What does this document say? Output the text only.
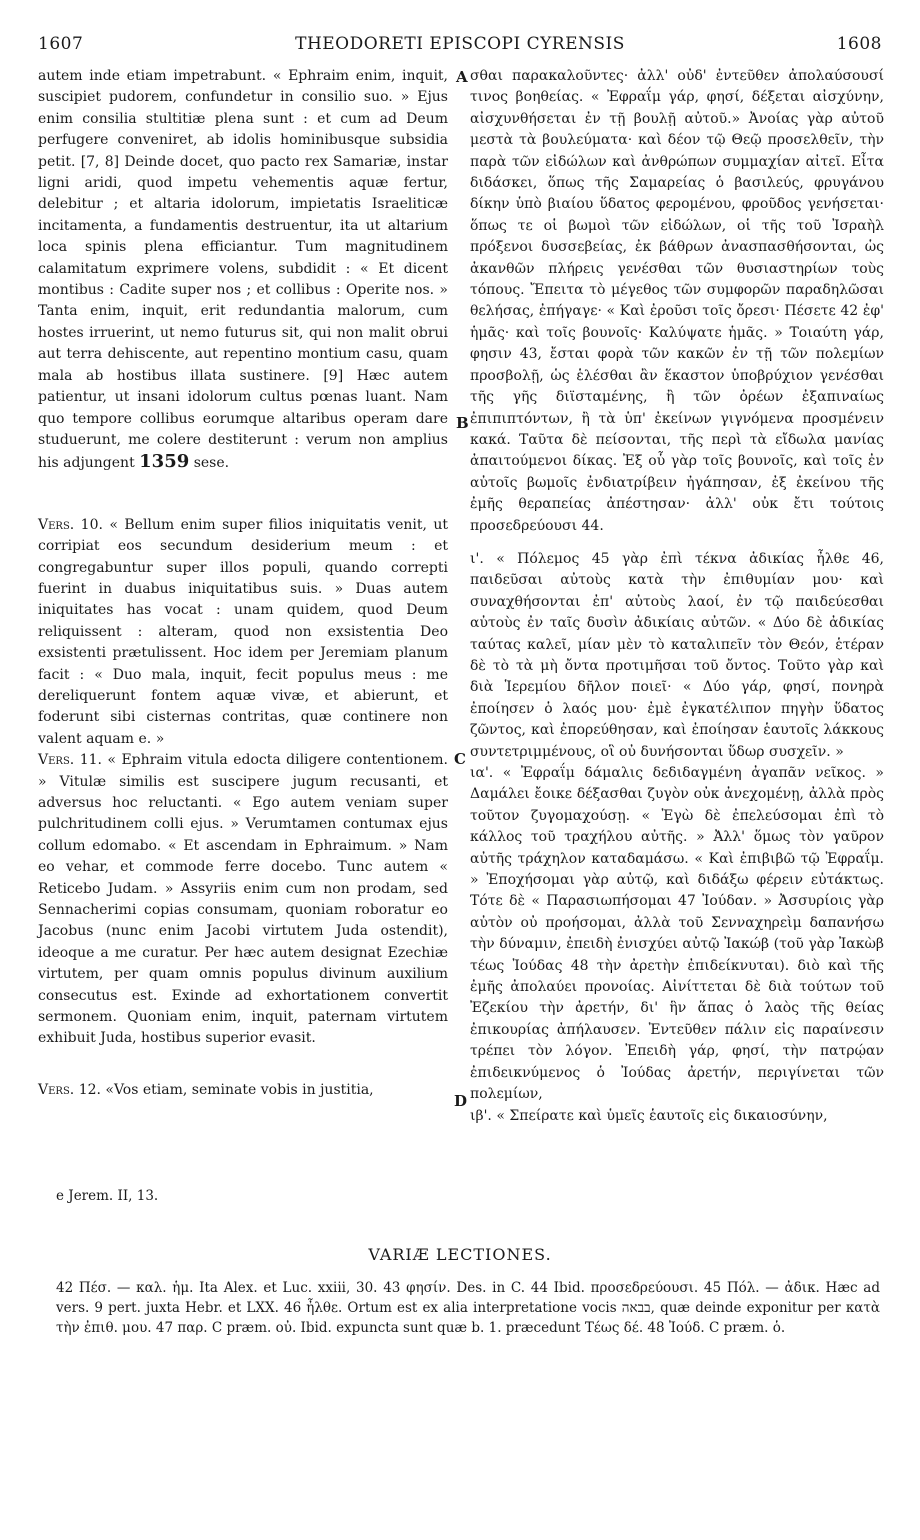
1607	THEODORETI EPISCOPI CYRENSIS	1608
A
B
C
D

autem inde etiam impetrabunt. « Ephraim enim, inquit, suscipiet pudorem, confundetur in consilio suo. » Ejus enim consilia stultitiæ plena sunt : et cum ad Deum perfugere conveniret, ab idolis hominibusque subsidia petit. [7, 8] Deinde docet, quo pacto rex Samariæ, instar ligni aridi, quod impetu vehementis aquæ fertur, delebitur ; et altaria idolorum, impietatis Israeliticæ incitamenta, a fundamentis destruentur, ita ut altarium loca spinis plena efficiantur. Tum magnitudinem calamitatum exprimere volens, subdidit : « Et dicent montibus : Cadite super nos ; et collibus : Operite nos. » Tanta enim, inquit, erit redundantia malorum, cum hostes irruerint, ut nemo futurus sit, qui non malit obrui aut terra dehiscente, aut repentino montium casu, quam mala ab hostibus illata sustinere. [9] Hæc autem patientur, ut insani idolorum cultus pœnas luant. Nam quo tempore collibus eorumque altaribus operam dare studuerunt, me colere destiterunt : verum non amplius his adjungent 1359 sese.

Vers. 10. « Bellum enim super filios iniquitatis venit, ut corripiat eos secundum desiderium meum : et congregabuntur super illos populi, quando correpti fuerint in duabus iniquitatibus suis. » Duas autem iniquitates has vocat : unam quidem, quod Deum reliquissent : alteram, quod non exsistentia Deo exsistenti prætulissent. Hoc idem per Jeremiam planum facit : « Duo mala, inquit, fecit populus meus : me dereliquerunt fontem aquæ vivæ, et abierunt, et foderunt sibi cisternas contritas, quæ continere non valent aquam e. »

Vers. 11. « Ephraim vitula edocta diligere contentionem. » Vitulæ similis est suscipere jugum recusanti, et adversus hoc reluctanti. « Ego autem veniam super pulchritudinem colli ejus. » Verumtamen contumax ejus collum edomabo. « Et ascendam in Ephraimum. » Nam eo vehar, et commode ferre docebo. Tunc autem « Reticebo Judam. » Assyriis enim cum non prodam, sed Sennacherimi copias consumam, quoniam roboratur eo Jacobus (nunc enim Jacobi virtutem Juda ostendit), ideoque a me curatur. Per hæc autem designat Ezechiæ virtutem, per quam omnis populus divinum auxilium consecutus est. Exinde ad exhortationem convertit sermonem. Quoniam enim, inquit, paternam virtutem exhibuit Juda, hostibus superior evasit.

Vers. 12. «Vos etiam, seminate vobis in justitia,

σθαι παρακαλοῦντες· ἀλλ' οὐδ' ἐντεῦθεν ἀπολαύσουσί τινος βοηθείας. « Ἐφραΐμ γάρ, φησί, δέξεται αἰσχύνην, αἰσχυνθήσεται ἐν τῇ βουλῇ αὐτοῦ.» Ἀνοίας γὰρ αὐτοῦ μεστὰ τὰ βουλεύματα· καὶ δέον τῷ Θεῷ προσελθεῖν, τὴν παρὰ τῶν εἰδώλων καὶ ἀνθρώπων συμμαχίαν αἰτεῖ. Εἶτα διδάσκει, ὅπως τῆς Σαμαρείας ὁ βασιλεύς, φρυγάνου δίκην ὑπὸ βιαίου ὕδατος φερομένου, φροῦδος γενήσεται· ὅπως τε οἱ βωμοὶ τῶν εἰδώλων, οἱ τῆς τοῦ Ἰσραὴλ πρόξενοι δυσσεβείας, ἐκ βάθρων ἀνασπασθήσονται, ὡς ἀκανθῶν πλήρεις γενέσθαι τῶν θυσιαστηρίων τοὺς τόπους. Ἔπειτα τὸ μέγεθος τῶν συμφορῶν παραδηλῶσαι θελήσας, ἐπήγαγε· « Καὶ ἐροῦσι τοῖς ὄρεσι· Πέσετε 42 ἐφ' ἡμᾶς· καὶ τοῖς βουνοῖς· Καλύψατε ἡμᾶς. » Τοιαύτη γάρ, φησιν 43, ἔσται φορὰ τῶν κακῶν ἐν τῇ τῶν πολεμίων προσβολῇ, ὡς ἑλέσθαι ἂν ἕκαστον ὑποβρύχιον γενέσθαι τῆς γῆς διϊσταμένης, ἢ τῶν ὀρέων ἐξαπιναίως ἐπιπιπτόντων, ἢ τὰ ὑπ' ἐκείνων γιγνόμενα προσμένειν κακά. Ταῦτα δὲ πείσονται, τῆς περὶ τὰ εἴδωλα μανίας ἀπαιτούμενοι δίκας. Ἐξ οὗ γὰρ τοῖς βουνοῖς, καὶ τοῖς ἐν αὐτοῖς βωμοῖς ἐνδιατρίβειν ἠγάπησαν, ἐξ ἐκείνου τῆς ἐμῆς θεραπείας ἀπέστησαν· ἀλλ' οὐκ ἔτι τούτοις προσεδρεύουσι 44.

ι'. « Πόλεμος 45 γὰρ ἐπὶ τέκνα ἀδικίας ἦλθε 46, παιδεῦσαι αὐτοὺς κατὰ τὴν ἐπιθυμίαν μου· καὶ συναχθήσονται ἐπ' αὐτοὺς λαοί, ἐν τῷ παιδεύεσθαι αὐτοὺς ἐν ταῖς δυσὶν ἀδικίαις αὐτῶν. « Δύο δὲ ἀδικίας ταύτας καλεῖ, μίαν μὲν τὸ καταλιπεῖν τὸν Θεόν, ἑτέραν δὲ τὸ τὰ μὴ ὄντα προτιμῆσαι τοῦ ὄντος. Τοῦτο γὰρ καὶ διὰ Ἱερεμίου δῆλον ποιεῖ· « Δύο γάρ, φησί, πονηρὰ ἐποίησεν ὁ λαός μου· ἐμὲ ἐγκατέλιπον πηγὴν ὕδατος ζῶντος, καὶ ἐπορεύθησαν, καὶ ἐποίησαν ἑαυτοῖς λάκκους συντετριμμένους, οἳ οὐ δυνήσονται ὕδωρ συσχεῖν. »

ια'. « Ἐφραΐμ δάμαλις δεδιδαγμένη ἀγαπᾶν νεῖκος. » Δαμάλει ἔοικε δέξασθαι ζυγὸν οὐκ ἀνεχομένῃ, ἀλλὰ πρὸς τοῦτον ζυγομαχούσῃ. « Ἐγὼ δὲ ἐπελεύσομαι ἐπὶ τὸ κάλλος τοῦ τραχήλου αὐτῆς. » Ἀλλ' ὅμως τὸν γαῦρον αὐτῆς τράχηλον καταδαμάσω. « Καὶ ἐπιβιβῶ τῷ Ἐφραΐμ. » Ἐποχήσομαι γὰρ αὐτῷ, καὶ διδάξω φέρειν εὐτάκτως. Τότε δὲ « Παρασιωπήσομαι 47 Ἰούδαν. » Ἀσσυρίοις γὰρ αὐτὸν οὐ προήσομαι, ἀλλὰ τοῦ Σενναχηρεὶμ δαπανήσω τὴν δύναμιν, ἐπειδὴ ἐνισχύει αὐτῷ Ἰακώβ (τοῦ γὰρ Ἰακὼβ τέως Ἰούδας 48 τὴν ἀρετὴν ἐπιδείκνυται). διὸ καὶ τῆς ἐμῆς ἀπολαύει προνοίας. Αἰνίττεται δὲ διὰ τούτων τοῦ Ἐζεκίου τὴν ἀρετήν, δι' ἣν ἅπας ὁ λαὸς τῆς θείας ἐπικουρίας ἀπήλαυσεν. Ἐντεῦθεν πάλιν εἰς παραίνεσιν τρέπει τὸν λόγον. Ἐπειδὴ γάρ, φησί, τὴν πατρῴαν ἐπιδεικνύμενος ὁ Ἰούδας ἀρετήν, περιγίνεται τῶν πολεμίων,

ιβ'. « Σπείρατε καὶ ὑμεῖς ἑαυτοῖς εἰς δικαιοσύνην,

e Jerem. II, 13.
VARIÆ LECTIONES.

42 Πέσ. — καλ. ἡμ. Ita Alex. et Luc. xxiii, 30. 43 φησίν. Des. in C. 44 Ibid. προσεδρεύουσι. 45 Πόλ. — ἀδικ. Hæc ad vers. 9 pert. juxta Hebr. et LXX. 46 ἦλθε. Ortum est ex alia interpretatione vocis בבאה, quæ deinde exponitur per κατὰ τὴν ἐπιθ. μου. 47 παρ. C præm. οὐ. Ibid. expuncta sunt quæ b. 1. præcedunt Τέως δέ. 48 Ἰούδ. C præm. ὁ.
